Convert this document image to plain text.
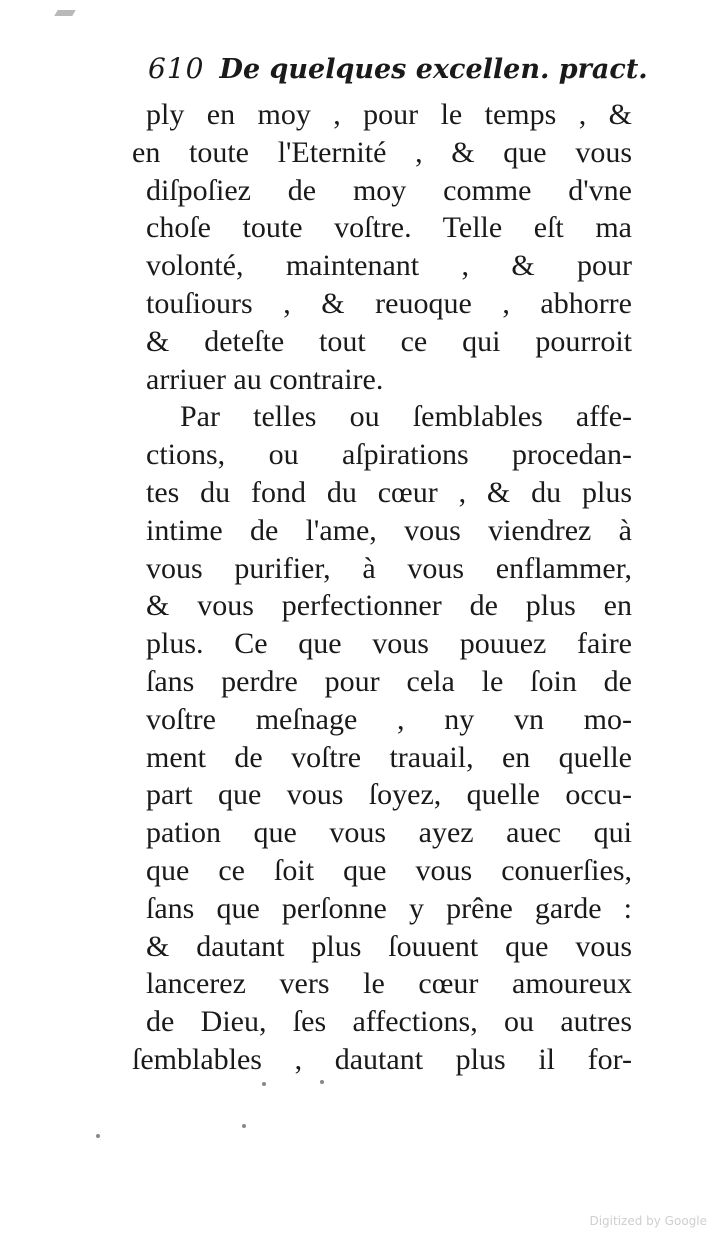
610 De quelques excellen. pract.
ply en moy , pour le temps , &
en toute l'Eternité , & que vous
diſpoſiez de moy comme d'vne
choſe toute voſtre. Telle eſt ma
volonté, maintenant , & pour
touſiours , & reuoque , abhorre
& deteſte tout ce qui pourroit
arriuer au contraire.
Par telles ou ſemblables affe-
ctions, ou aſpirations procedan-
tes du fond du cœur , & du plus
intime de l'ame, vous viendrez à
vous purifier, à vous enflammer,
& vous perfectionner de plus en
plus. Ce que vous pouuez faire
ſans perdre pour cela le ſoin de
voſtre meſnage , ny vn mo-
ment de voſtre trauail, en quelle
part que vous ſoyez, quelle occu-
pation que vous ayez auec qui
que ce ſoit que vous conuerſies,
ſans que perſonne y prêne garde :
& dautant plus ſouuent que vous
lancerez vers le cœur amoureux
de Dieu, ſes affections, ou autres
ſemblables , dautant plus il for-
Digitized by Google
